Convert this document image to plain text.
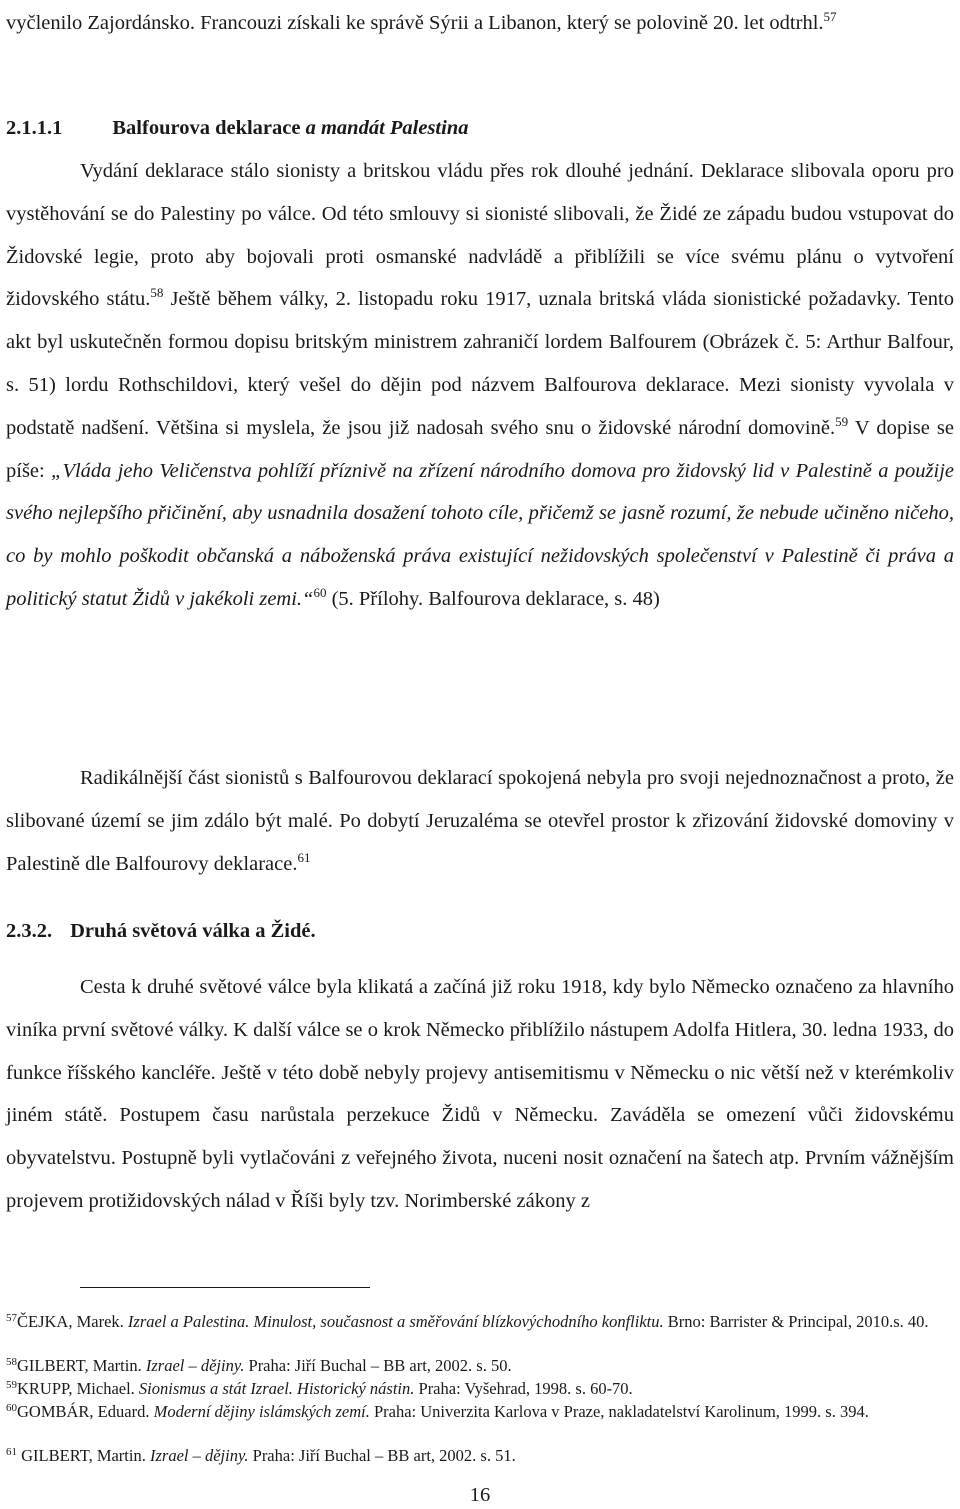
vyčlenilo Zajordánsko. Francouzi získali ke správě Sýrii a Libanon, který se polovině 20. let odtrhl.$^{57}$

2.1.1.1 Balfourova deklarace a mandát Palestina

Vydání deklarace stálo sionisty a britskou vládu přes rok dlouhé jednání. Deklarace slibovala oporu pro vystěhování se do Palestiny po válce. Od této smlouvy si sionisté slibovali, že Židé ze západu budou vstupovat do Židovské legie, proto aby bojovali proti osmanské nadvládě a přiblížili se více svému plánu o vytvoření židovského státu.$^{58}$ Ještě během války, 2. listopadu roku 1917, uznala britská vláda sionistické požadavky. Tento akt byl uskutečněn formou dopisu britským ministrem zahraničí lordem Balfourem (Obrázek č. 5: Arthur Balfour, s. 51) lordu Rothschildovi, který vešel do dějin pod názvem Balfourova deklarace. Mezi sionisty vyvolala v podstatě nadšení. Většina si myslela, že jsou již nadosah svého snu o židovské národní domovině.$^{59}$ V dopise se píše: „Vláda jeho Veličenstva pohlíží příznivě na zřízení národního domova pro židovský lid v Palestině a použije svého nejlepšího přičinění, aby usnadnila dosažení tohoto cíle, přičemž se jasně rozumí, že nebude učiněno ničeho, co by mohlo poškodit občanská a náboženská práva existující nežidovských společenství v Palestině či práva a politický statut Židů v jakékoli zemi.“$^{60}$ (5. Přílohy. Balfourova deklarace, s. 48)

Radikálnější část sionistů s Balfourovou deklarací spokojená nebyla pro svoji nejednoznačnost a proto, že slibované území se jim zdálo být malé. Po dobytí Jeruzaléma se otevřel prostor k zřizování židovské domoviny v Palestině dle Balfourovy deklarace.$^{61}$

2.3.2. Druhá světová válka a Židé.

Cesta k druhé světové válce byla klikatá a začíná již roku 1918, kdy bylo Německo označeno za hlavního viníka první světové války. K další válce se o krok Německo přiblížilo nástupem Adolfa Hitlera, 30. ledna 1933, do funkce říšského kancléře. Ještě v této době nebyly projevy antisemitismu v Německu o nic větší než v kterémkoliv jiném státě. Postupem času narůstala perzekuce Židů v Německu. Zaváděla se omezení vůči židovskému obyvatelstvu. Postupně byli vytlačováni z veřejného života, nuceni nosit označení na šatech atp. Prvním vážnějším projevem protižidovských nálad v Říši byly tzv. Norimberské zákony z

$^{57}$ČEJKA, Marek. Izrael a Palestina. Minulost, současnost a směřování blízkovýchodního konfliktu. Brno: Barrister & Principal, 2010.s. 40.

$^{58}$GILBERT, Martin. Izrael – dějiny. Praha: Jiří Buchal – BB art, 2002. s. 50.

$^{59}$KRUPP, Michael. Sionismus a stát Izrael. Historický nástin. Praha: Vyšehrad, 1998. s. 60-70.

$^{60}$GOMBÁR, Eduard. Moderní dějiny islámských zemí. Praha: Univerzita Karlova v Praze, nakladatelství Karolinum, 1999. s. 394.

$^{61}$ GILBERT, Martin. Izrael – dějiny. Praha: Jiří Buchal – BB art, 2002. s. 51.

16
